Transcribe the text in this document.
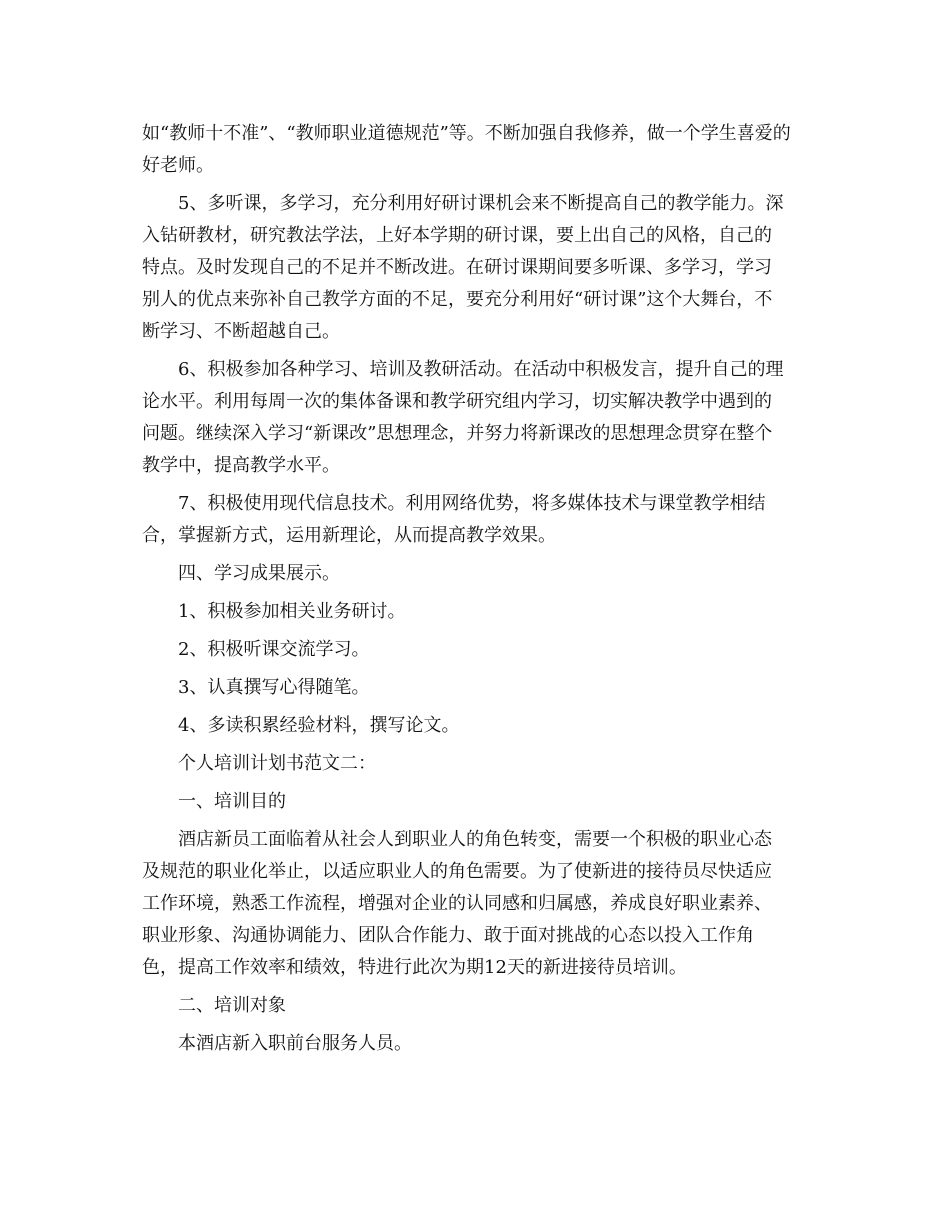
如“教师十不准”、“教师职业道德规范”等。不断加强自我修养，做一个学生喜爱的
好老师。
5、多听课，多学习，充分利用好研讨课机会来不断提高自己的教学能力。深
入钻研教材，研究教法学法，上好本学期的研讨课，要上出自己的风格，自己的
特点。及时发现自己的不足并不断改进。在研讨课期间要多听课、多学习，学习
别人的优点来弥补自己教学方面的不足，要充分利用好“研讨课”这个大舞台，不
断学习、不断超越自己。
6、积极参加各种学习、培训及教研活动。在活动中积极发言，提升自己的理
论水平。利用每周一次的集体备课和教学研究组内学习，切实解决教学中遇到的
问题。继续深入学习“新课改”思想理念，并努力将新课改的思想理念贯穿在整个
教学中，提高教学水平。
7、积极使用现代信息技术。利用网络优势，将多媒体技术与课堂教学相结
合，掌握新方式，运用新理论，从而提高教学效果。
四、学习成果展示。
1、积极参加相关业务研讨。
2、积极听课交流学习。
3、认真撰写心得随笔。
4、多读积累经验材料，撰写论文。
个人培训计划书范文二：
一、培训目的
酒店新员工面临着从社会人到职业人的角色转变，需要一个积极的职业心态
及规范的职业化举止，以适应职业人的角色需要。为了使新进的接待员尽快适应
工作环境，熟悉工作流程，增强对企业的认同感和归属感，养成良好职业素养、
职业形象、沟通协调能力、团队合作能力、敢于面对挑战的心态以投入工作角
色，提高工作效率和绩效，特进行此次为期12天的新进接待员培训。
二、培训对象
本酒店新入职前台服务人员。
